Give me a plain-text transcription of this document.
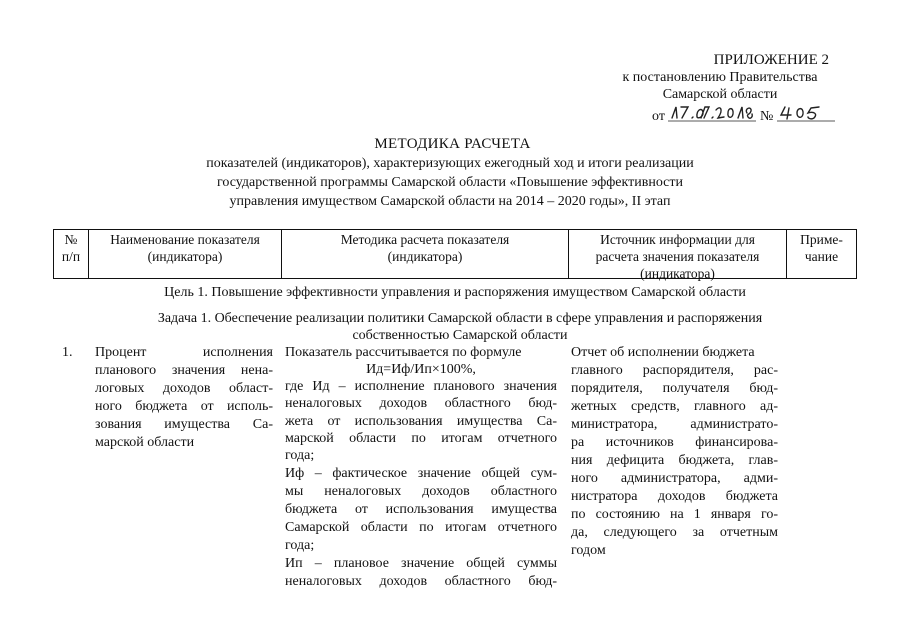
ПРИЛОЖЕНИЕ 2
к постановлению Правительства
Самарской области
от	№
МЕТОДИКА РАСЧЕТА
показателей (индикаторов), характеризующих ежегодный ход и итоги реализации
государственной программы Самарской области «Повышение эффективности
управления имуществом Самарской области на 2014 – 2020 годы», II этап
№
п/п
Наименование показателя
(индикатора)
Методика расчета показателя
(индикатора)
Источник информации для
расчета значения показателя
(индикатора)
Приме-
чание
Цель 1. Повышение эффективности управления и распоряжения имуществом Самарской области
Задача 1. Обеспечение реализации политики Самарской области в сфере управления и распоряжения
собственностью Самарской области
1. Процент исполнения
планового значения нена-
логовых доходов област-
ного бюджета от исполь-
зования имущества Са-
марской области
Показатель рассчитывается по формуле
Ид=Иф/Ип×100%,
где Ид – исполнение планового значения
неналоговых доходов областного бюд-
жета от использования имущества Са-
марской области по итогам отчетного
года;
Иф – фактическое значение общей сум-
мы неналоговых доходов областного
бюджета от использования имущества
Самарской области по итогам отчетного
года;
Ип – плановое значение общей суммы
неналоговых доходов областного бюд-
Отчет об исполнении бюджета
главного распорядителя, рас-
порядителя, получателя бюд-
жетных средств, главного ад-
министратора, администрато-
ра источников финансирова-
ния дефицита бюджета, глав-
ного администратора, адми-
нистратора доходов бюджета
по состоянию на 1 января го-
да, следующего за отчетным
годом
